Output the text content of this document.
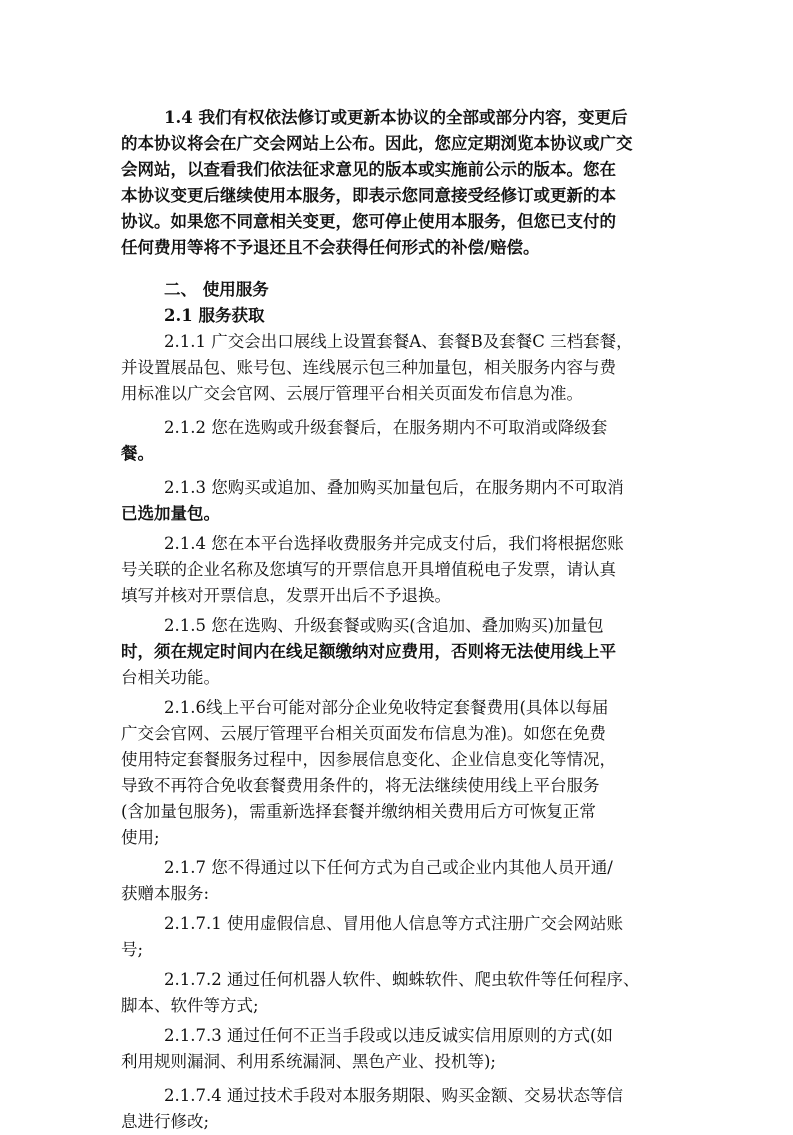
1.4 我们有权依法修订或更新本协议的全部或部分内容，变更后
的本协议将会在广交会网站上公布。因此，您应定期浏览本协议或广交
会网站，以查看我们依法征求意见的版本或实施前公示的版本。您在
本协议变更后继续使用本服务，即表示您同意接受经修订或更新的本
协议。如果您不同意相关变更，您可停止使用本服务，但您已支付的
任何费用等将不予退还且不会获得任何形式的补偿/赔偿。
二、 使用服务
2.1 服务获取
2.1.1 广交会出口展线上设置套餐A、套餐B及套餐C 三档套餐，
并设置展品包、账号包、连线展示包三种加量包，相关服务内容与费
用标准以广交会官网、云展厅管理平台相关页面发布信息为准。
2.1.2 您在选购或升级套餐后，在服务期内不可取消或降级套
餐。
2.1.3 您购买或追加、叠加购买加量包后，在服务期内不可取消
已选加量包。
2.1.4 您在本平台选择收费服务并完成支付后，我们将根据您账
号关联的企业名称及您填写的开票信息开具增值税电子发票，请认真
填写并核对开票信息，发票开出后不予退换。
2.1.5 您在选购、升级套餐或购买(含追加、叠加购买)加量包
时，须在规定时间内在线足额缴纳对应费用，否则将无法使用线上平
台相关功能。
2.1.6线上平台可能对部分企业免收特定套餐费用(具体以每届
广交会官网、云展厅管理平台相关页面发布信息为准)。如您在免费
使用特定套餐服务过程中，因参展信息变化、企业信息变化等情况，
导致不再符合免收套餐费用条件的，将无法继续使用线上平台服务
(含加量包服务)，需重新选择套餐并缴纳相关费用后方可恢复正常
使用;
2.1.7 您不得通过以下任何方式为自己或企业内其他人员开通/
获赠本服务:
2.1.7.1 使用虚假信息、冒用他人信息等方式注册广交会网站账
号;
2.1.7.2 通过任何机器人软件、蜘蛛软件、爬虫软件等任何程序、
脚本、软件等方式;
2.1.7.3 通过任何不正当手段或以违反诚实信用原则的方式(如
利用规则漏洞、利用系统漏洞、黑色产业、投机等);
2.1.7.4 通过技术手段对本服务期限、购买金额、交易状态等信
息进行修改;
